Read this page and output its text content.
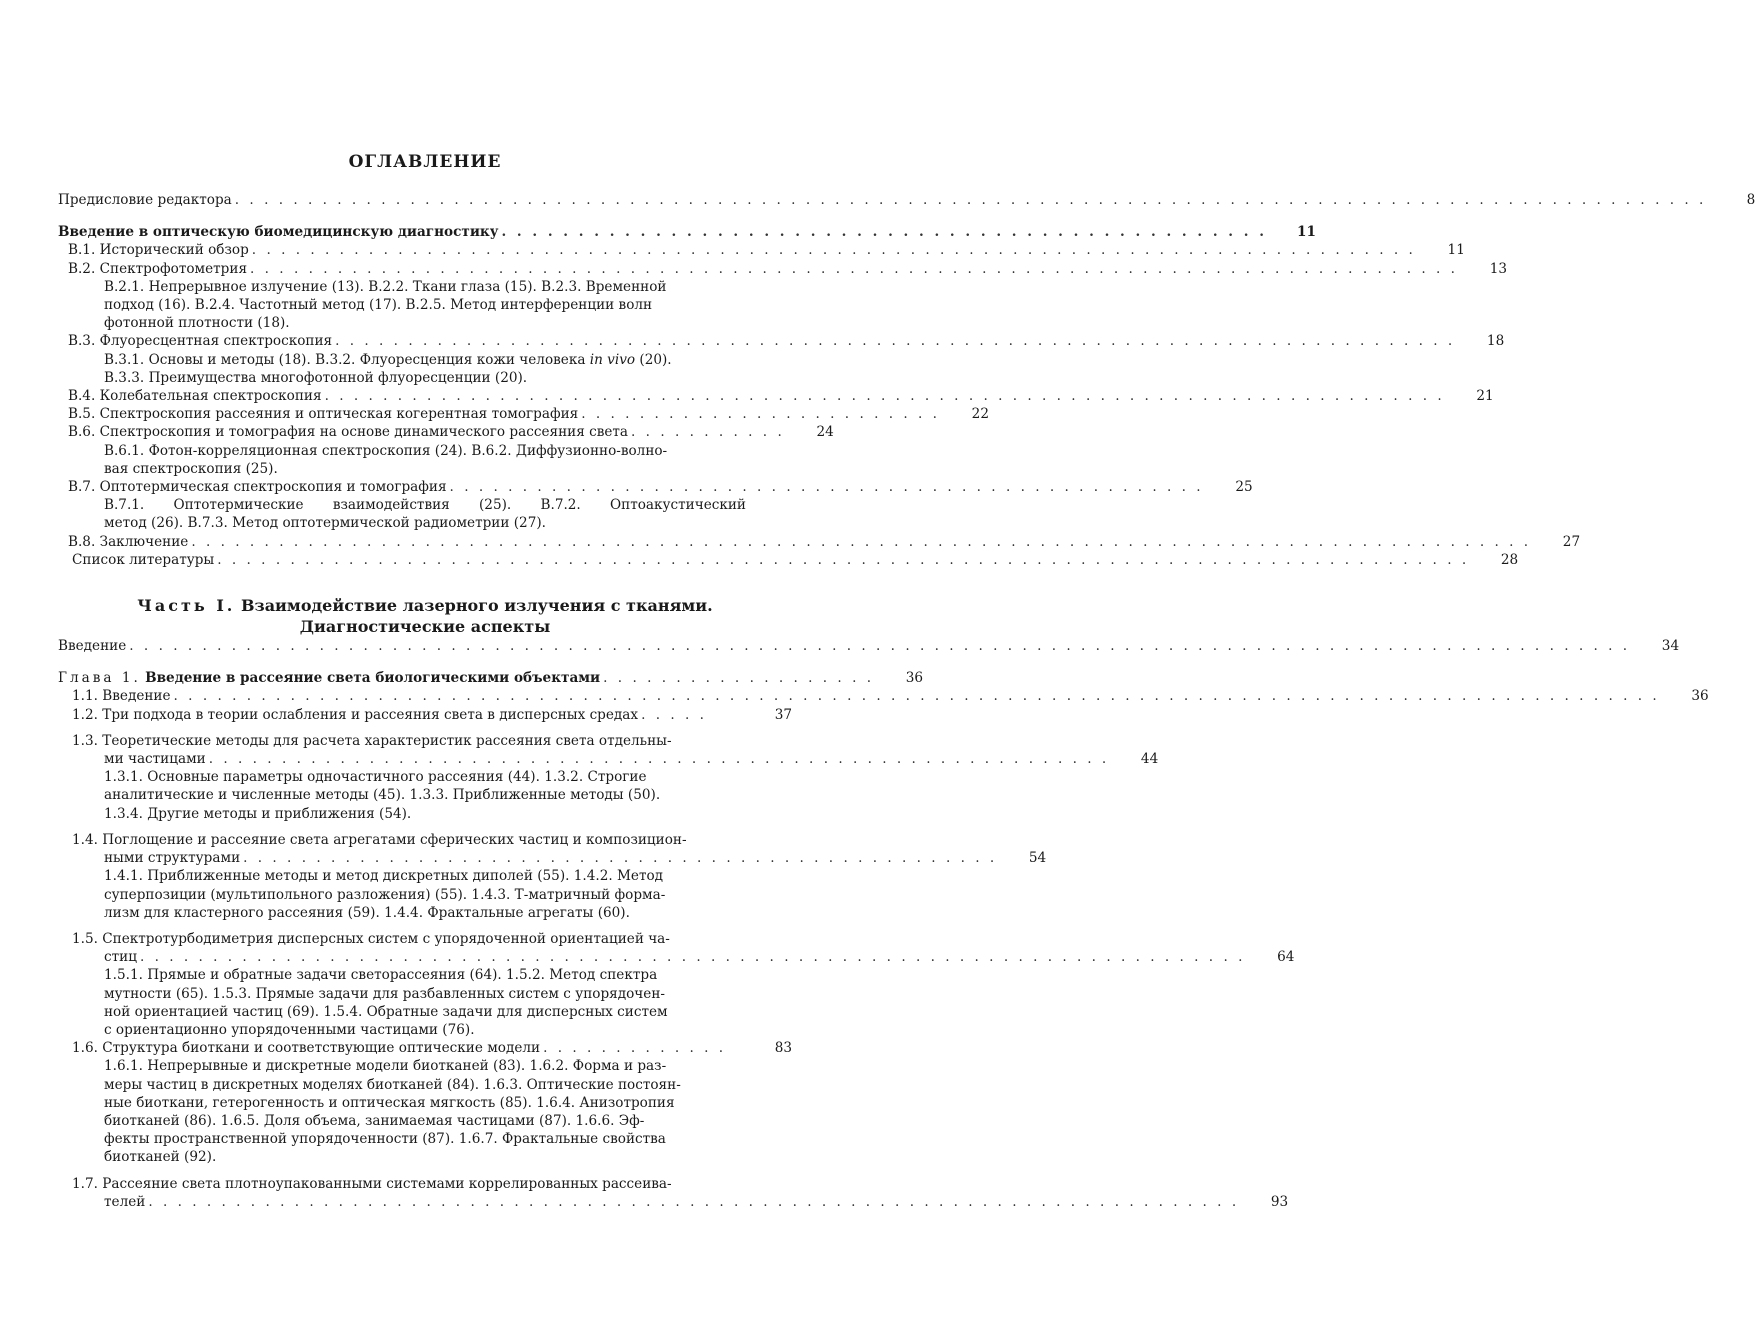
ОГЛАВЛЕНИЕ
Предисловие редактора . . . . . . . . . . . . . . . . . . . . . . . . . . . . . . . . . . . . . . . . . . . . . . . . . . . . . . . . . . . . . . . . . . . . . . . . . . . . . . . . . . . . . . . . . . . . . . . . . . . . .	8
Введение в оптическую биомедицинскую диагностику . . . . . . . . . . . . . . . . . . . . . . . . . . . . . . . . . . . . . . . . . . . . . . . . . .	11
В.1. Исторический обзор . . . . . . . . . . . . . . . . . . . . . . . . . . . . . . . . . . . . . . . . . . . . . . . . . . . . . . . . . . . . . . . . . . . . . . . . . . . . . . . .	11
В.2. Спектрофотометрия . . . . . . . . . . . . . . . . . . . . . . . . . . . . . . . . . . . . . . . . . . . . . . . . . . . . . . . . . . . . . . . . . . . . . . . . . . . . . . . . . . .	13
В.2.1. Непрерывное излучение (13). В.2.2. Ткани глаза (15). В.2.3. Временной
подход (16). В.2.4. Частотный метод (17). В.2.5. Метод интерференции волн
фотонной плотности (18).
В.3. Флуоресцентная спектроскопия . . . . . . . . . . . . . . . . . . . . . . . . . . . . . . . . . . . . . . . . . . . . . . . . . . . . . . . . . . . . . . . . . . . . . . . . . . . . .	18
В.3.1. Основы и методы (18). В.3.2. Флуоресценция кожи человека in vivo (20).
В.3.3. Преимущества многофотонной флуоресценции (20).
В.4. Колебательная спектроскопия . . . . . . . . . . . . . . . . . . . . . . . . . . . . . . . . . . . . . . . . . . . . . . . . . . . . . . . . . . . . . . . . . . . . . . . . . . . . .	21
В.5. Спектроскопия рассеяния и оптическая когерентная томография . . . . . . . . . . . . . . . . . . . . . . . . .	22
В.6. Спектроскопия и томография на основе динамического рассеяния света . . . . . . . . . . .	24
В.6.1. Фотон-корреляционная спектроскопия (24). В.6.2. Диффузионно-волно-
вая спектроскопия (25).
В.7. Оптотермическая спектроскопия и томография . . . . . . . . . . . . . . . . . . . . . . . . . . . . . . . . . . . . . . . . . . . . . . . . . . . .	25
В.7.1. Оптотермические взаимодействия (25). В.7.2. Оптоакустический
метод (26). В.7.3. Метод оптотермической радиометрии (27).
В.8. Заключение . . . . . . . . . . . . . . . . . . . . . . . . . . . . . . . . . . . . . . . . . . . . . . . . . . . . . . . . . . . . . . . . . . . . . . . . . . . . . . . . . . . . . . . . . . . .	27
Список литературы . . . . . . . . . . . . . . . . . . . . . . . . . . . . . . . . . . . . . . . . . . . . . . . . . . . . . . . . . . . . . . . . . . . . . . . . . . . . . . . . . . . . . .	28
Часть I. Взаимодействие лазерного излучения с тканями.
Диагностические аспекты
Введение . . . . . . . . . . . . . . . . . . . . . . . . . . . . . . . . . . . . . . . . . . . . . . . . . . . . . . . . . . . . . . . . . . . . . . . . . . . . . . . . . . . . . . . . . . . . . . . . . . . . . . .	34
Глава 1. Введение в рассеяние света биологическими объектами . . . . . . . . . . . . . . . . . . .	36
1.1. Введение . . . . . . . . . . . . . . . . . . . . . . . . . . . . . . . . . . . . . . . . . . . . . . . . . . . . . . . . . . . . . . . . . . . . . . . . . . . . . . . . . . . . . . . . . . . . . . . . . . . . . .	36
1.2. Три подхода в теории ослабления и рассеяния света в дисперсных средах . . . . .	37
1.3. Теоретические методы для расчета характеристик рассеяния света отдельны-
ми частицами . . . . . . . . . . . . . . . . . . . . . . . . . . . . . . . . . . . . . . . . . . . . . . . . . . . . . . . . . . . . . .	44
1.3.1. Основные параметры одночастичного рассеяния (44). 1.3.2. Строгие
аналитические и численные методы (45). 1.3.3. Приближенные методы (50).
1.3.4. Другие методы и приближения (54).
1.4. Поглощение и рассеяние света агрегатами сферических частиц и композицион-
ными структурами . . . . . . . . . . . . . . . . . . . . . . . . . . . . . . . . . . . . . . . . . . . . . . . . . . . .	54
1.4.1. Приближенные методы и метод дискретных диполей (55). 1.4.2. Метод
суперпозиции (мультипольного разложения) (55). 1.4.3. Т-матричный форма-
лизм для кластерного рассеяния (59). 1.4.4. Фрактальные агрегаты (60).
1.5. Спектротурбодиметрия дисперсных систем с упорядоченной ориентацией ча-
стиц . . . . . . . . . . . . . . . . . . . . . . . . . . . . . . . . . . . . . . . . . . . . . . . . . . . . . . . . . . . . . . . . . . . . . . . . . . . .	64
1.5.1. Прямые и обратные задачи светорассеяния (64). 1.5.2. Метод спектра
мутности (65). 1.5.3. Прямые задачи для разбавленных систем с упорядочен-
ной ориентацией частиц (69). 1.5.4. Обратные задачи для дисперсных систем
с ориентационно упорядоченными частицами (76).
1.6. Структура биоткани и соответствующие оптические модели . . . . . . . . . . . . .	83
1.6.1. Непрерывные и дискретные модели биотканей (83). 1.6.2. Форма и раз-
меры частиц в дискретных моделях биотканей (84). 1.6.3. Оптические постоян-
ные биоткани, гетерогенность и оптическая мягкость (85). 1.6.4. Анизотропия
биотканей (86). 1.6.5. Доля объема, занимаемая частицами (87). 1.6.6. Эф-
фекты пространственной упорядоченности (87). 1.6.7. Фрактальные свойства
биотканей (92).
1.7. Рассеяние света плотноупакованными системами коррелированных рассеива-
телей . . . . . . . . . . . . . . . . . . . . . . . . . . . . . . . . . . . . . . . . . . . . . . . . . . . . . . . . . . . . . . . . . . . . . . . . . . .	93
